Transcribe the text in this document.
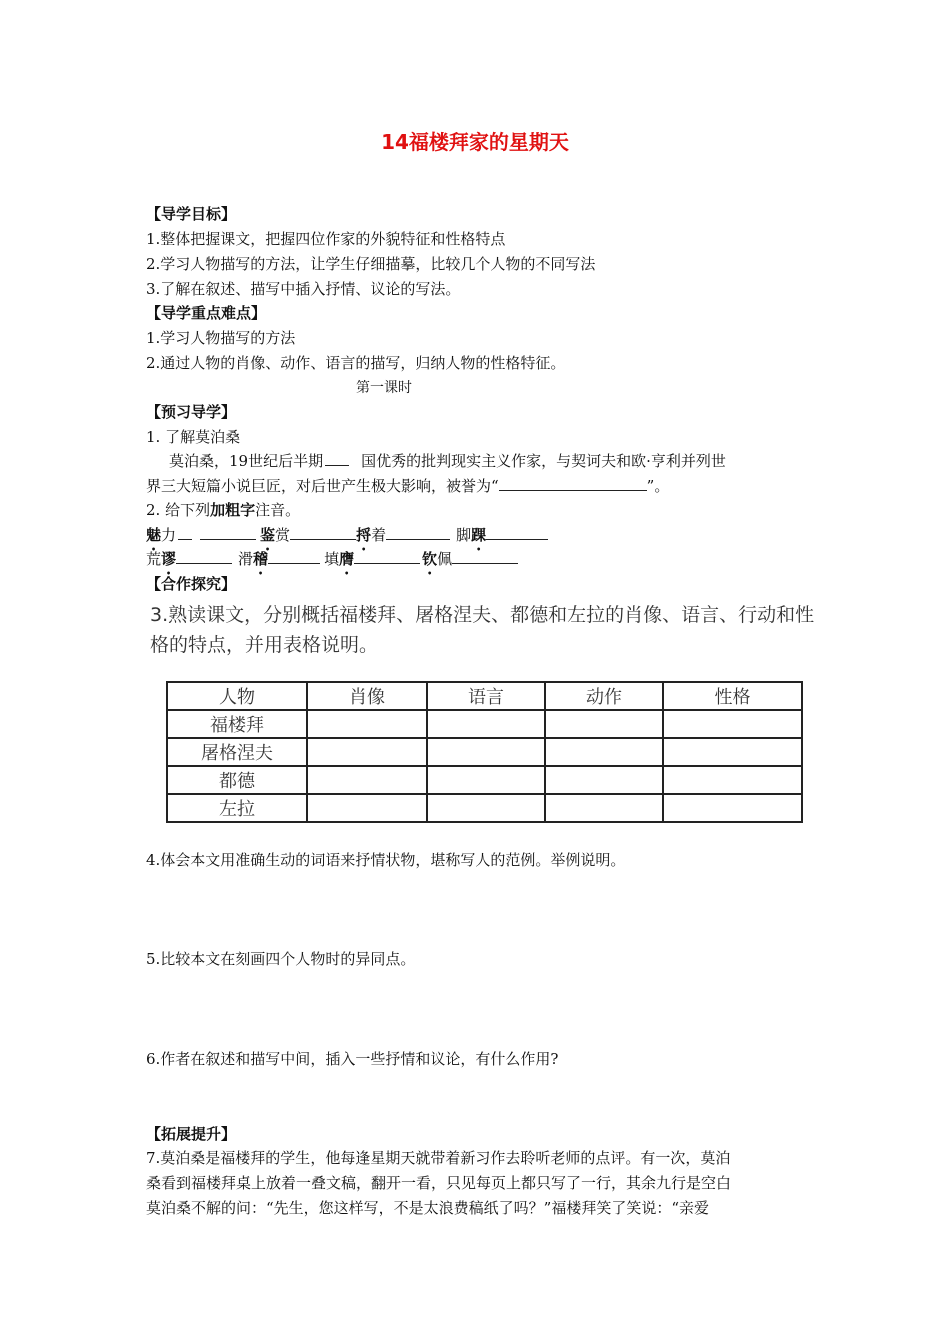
14福楼拜家的星期天
【导学目标】
1.整体把握课文，把握四位作家的外貌特征和性格特点
2.学习人物描写的方法，让学生仔细描摹，比较几个人物的不同写法
3.了解在叙述、描写中插入抒情、议论的写法。
【导学重点难点】
1.学习人物描写的方法
2.通过人物的肖像、动作、语言的描写，归纳人物的性格特征。
第一课时
【预习导学】
1. 了解莫泊桑
莫泊桑，19世纪后半期	国优秀的批判现实主义作家，与契诃夫和欧·亨利并列世
界三大短篇小说巨匠，对后世产生极大影响，被誉为“	”。
2. 给下列加粗字注音。
魅力	鉴赏	捋着	脚踝
荒谬	滑稽	填膺	钦佩
【合作探究】
3.熟读课文，分别概括福楼拜、屠格涅夫、都德和左拉的肖像、语言、行动和性
格的特点，并用表格说明。
人物	肖像	语言	动作	性格
福楼拜				
屠格涅夫				
都德				
左拉				
4.体会本文用准确生动的词语来抒情状物，堪称写人的范例。举例说明。
5.比较本文在刻画四个人物时的异同点。
6.作者在叙述和描写中间，插入一些抒情和议论，有什么作用?
【拓展提升】
7.莫泊桑是福楼拜的学生，他每逢星期天就带着新习作去聆听老师的点评。有一次，莫泊
桑看到福楼拜桌上放着一叠文稿，翻开一看，只见每页上都只写了一行，其余九行是空白
莫泊桑不解的问：“先生，您这样写，不是太浪费稿纸了吗？”福楼拜笑了笑说：“亲爱
